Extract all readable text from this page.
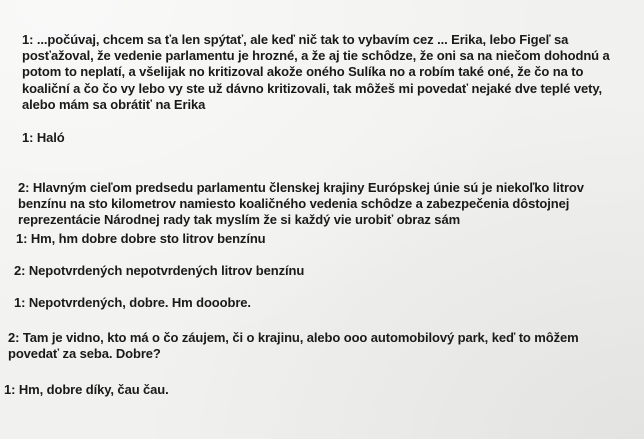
1: ...počúvaj, chcem sa ťa len spýtať, ale keď nič tak to vybavím cez ... Erika, lebo Figeľ sa
posťažoval, že vedenie parlamentu je hrozné, a že aj tie schôdze, že oni sa na niečom dohodnú a
potom to neplatí, a všelijak no kritizoval akože oného Sulíka no a robím také oné, že čo na to
koaliční a čo čo vy lebo vy ste už dávno kritizovali, tak môžeš mi povedať nejaké dve teplé vety,
alebo mám sa obrátiť na Erika

1: Haló

2: Hlavným cieľom predsedu parlamentu členskej krajiny Európskej únie sú je niekoľko litrov
benzínu na sto kilometrov namiesto koaličného vedenia schôdze a zabezpečenia dôstojnej
reprezentácie Národnej rady tak myslím že si každý vie urobiť obraz sám

1: Hm, hm dobre dobre sto litrov benzínu

2: Nepotvrdených nepotvrdených litrov benzínu

1: Nepotvrdených, dobre. Hm dooobre.

2: Tam je vidno, kto má o čo záujem, či o krajinu, alebo ooo automobilový park, keď to môžem
povedať za seba. Dobre?

1: Hm, dobre díky, čau čau.
